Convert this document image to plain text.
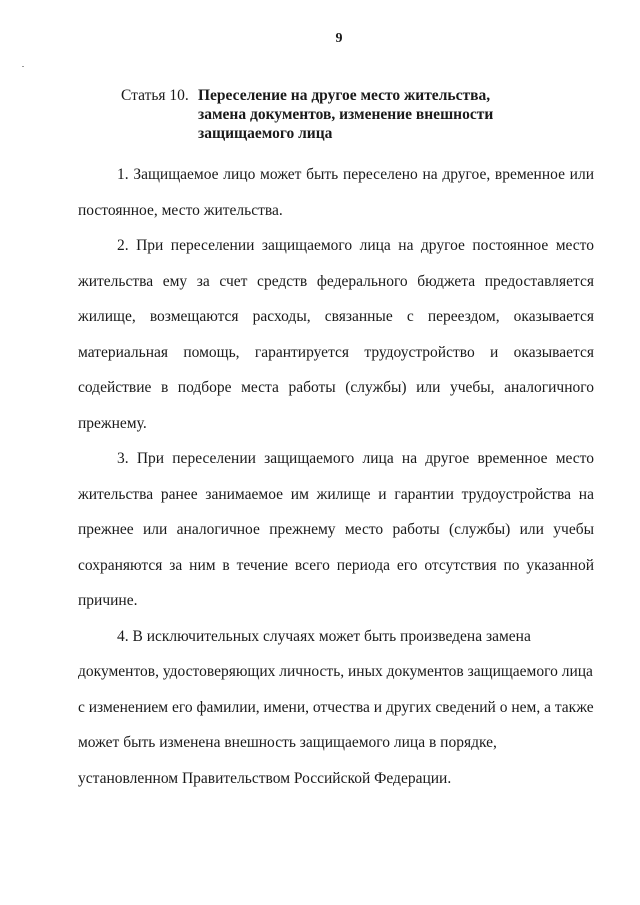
9
Статья 10. Переселение на другое место жительства,
замена документов, изменение внешности
защищаемого лица

1. Защищаемое лицо может быть переселено на другое, временное или постоянное, место жительства.

2. При переселении защищаемого лица на другое постоянное место жительства ему за счет средств федерального бюджета предоставляется жилище, возмещаются расходы, связанные с переездом, оказывается материальная помощь, гарантируется трудоустройство и оказывается содействие в подборе места работы (службы) или учебы, аналогичного прежнему.

3. При переселении защищаемого лица на другое временное место жительства ранее занимаемое им жилище и гарантии трудоустройства на прежнее или аналогичное прежнему место работы (службы) или учебы сохраняются за ним в течение всего периода его отсутствия по указанной причине.

4. В исключительных случаях может быть произведена замена документов, удостоверяющих личность, иных документов защищаемого лица с изменением его фамилии, имени, отчества и других сведений о нем, а также может быть изменена внешность защищаемого лица в порядке, установленном Правительством Российской Федерации.
